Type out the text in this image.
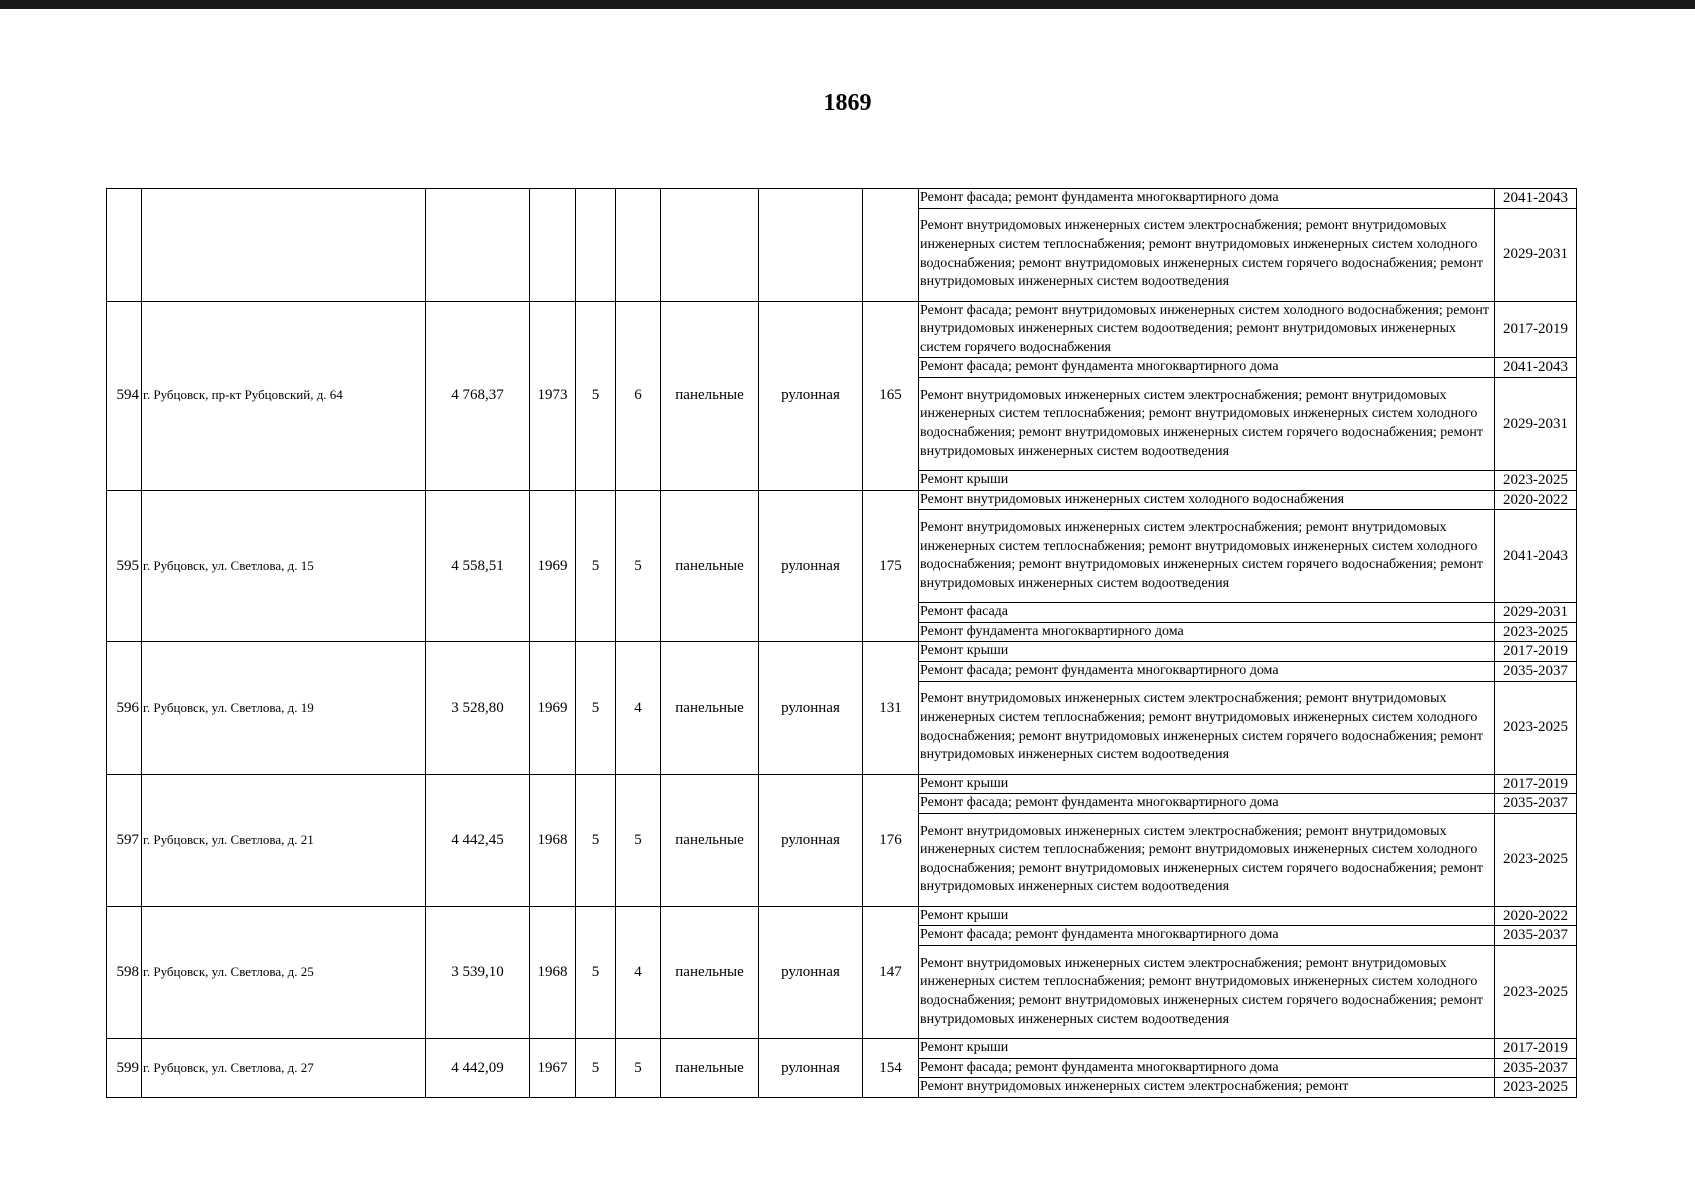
1869
									Ремонт фасада; ремонт фундамента многоквартирного дома	2041-2043
									Ремонт внутридомовых инженерных систем электроснабжения; ремонт внутридомовых инженерных систем теплоснабжения; ремонт внутридомовых инженерных систем холодного водоснабжения; ремонт внутридомовых инженерных систем горячего водоснабжения; ремонт внутридомовых инженерных систем водоотведения	2029-2031
594	г. Рубцовск, пр-кт Рубцовский, д. 64	4 768,37	1973	5	6	панельные	рулонная	165	Ремонт фасада; ремонт внутридомовых инженерных систем холодного водоснабжения; ремонт внутридомовых инженерных систем водоотведения; ремонт внутридомовых инженерных систем горячего водоснабжения	2017-2019
									Ремонт фасада; ремонт фундамента многоквартирного дома	2041-2043
									Ремонт внутридомовых инженерных систем электроснабжения; ремонт внутридомовых инженерных систем теплоснабжения; ремонт внутридомовых инженерных систем холодного водоснабжения; ремонт внутридомовых инженерных систем горячего водоснабжения; ремонт внутридомовых инженерных систем водоотведения	2029-2031
									Ремонт крыши	2023-2025
595	г. Рубцовск, ул. Светлова, д. 15	4 558,51	1969	5	5	панельные	рулонная	175	Ремонт внутридомовых инженерных систем холодного водоснабжения	2020-2022
									Ремонт внутридомовых инженерных систем электроснабжения; ремонт внутридомовых инженерных систем теплоснабжения; ремонт внутридомовых инженерных систем холодного водоснабжения; ремонт внутридомовых инженерных систем горячего водоснабжения; ремонт внутридомовых инженерных систем водоотведения	2041-2043
									Ремонт фасада	2029-2031
									Ремонт фундамента многоквартирного дома	2023-2025
596	г. Рубцовск, ул. Светлова, д. 19	3 528,80	1969	5	4	панельные	рулонная	131	Ремонт крыши	2017-2019
									Ремонт фасада; ремонт фундамента многоквартирного дома	2035-2037
									Ремонт внутридомовых инженерных систем электроснабжения; ремонт внутридомовых инженерных систем теплоснабжения; ремонт внутридомовых инженерных систем холодного водоснабжения; ремонт внутридомовых инженерных систем горячего водоснабжения; ремонт внутридомовых инженерных систем водоотведения	2023-2025
597	г. Рубцовск, ул. Светлова, д. 21	4 442,45	1968	5	5	панельные	рулонная	176	Ремонт крыши	2017-2019
									Ремонт фасада; ремонт фундамента многоквартирного дома	2035-2037
									Ремонт внутридомовых инженерных систем электроснабжения; ремонт внутридомовых инженерных систем теплоснабжения; ремонт внутридомовых инженерных систем холодного водоснабжения; ремонт внутридомовых инженерных систем горячего водоснабжения; ремонт внутридомовых инженерных систем водоотведения	2023-2025
598	г. Рубцовск, ул. Светлова, д. 25	3 539,10	1968	5	4	панельные	рулонная	147	Ремонт крыши	2020-2022
									Ремонт фасада; ремонт фундамента многоквартирного дома	2035-2037
									Ремонт внутридомовых инженерных систем электроснабжения; ремонт внутридомовых инженерных систем теплоснабжения; ремонт внутридомовых инженерных систем холодного водоснабжения; ремонт внутридомовых инженерных систем горячего водоснабжения; ремонт внутридомовых инженерных систем водоотведения	2023-2025
599	г. Рубцовск, ул. Светлова, д. 27	4 442,09	1967	5	5	панельные	рулонная	154	Ремонт крыши	2017-2019
									Ремонт фасада; ремонт фундамента многоквартирного дома	2035-2037
									Ремонт внутридомовых инженерных систем электроснабжения; ремонт	2023-2025
